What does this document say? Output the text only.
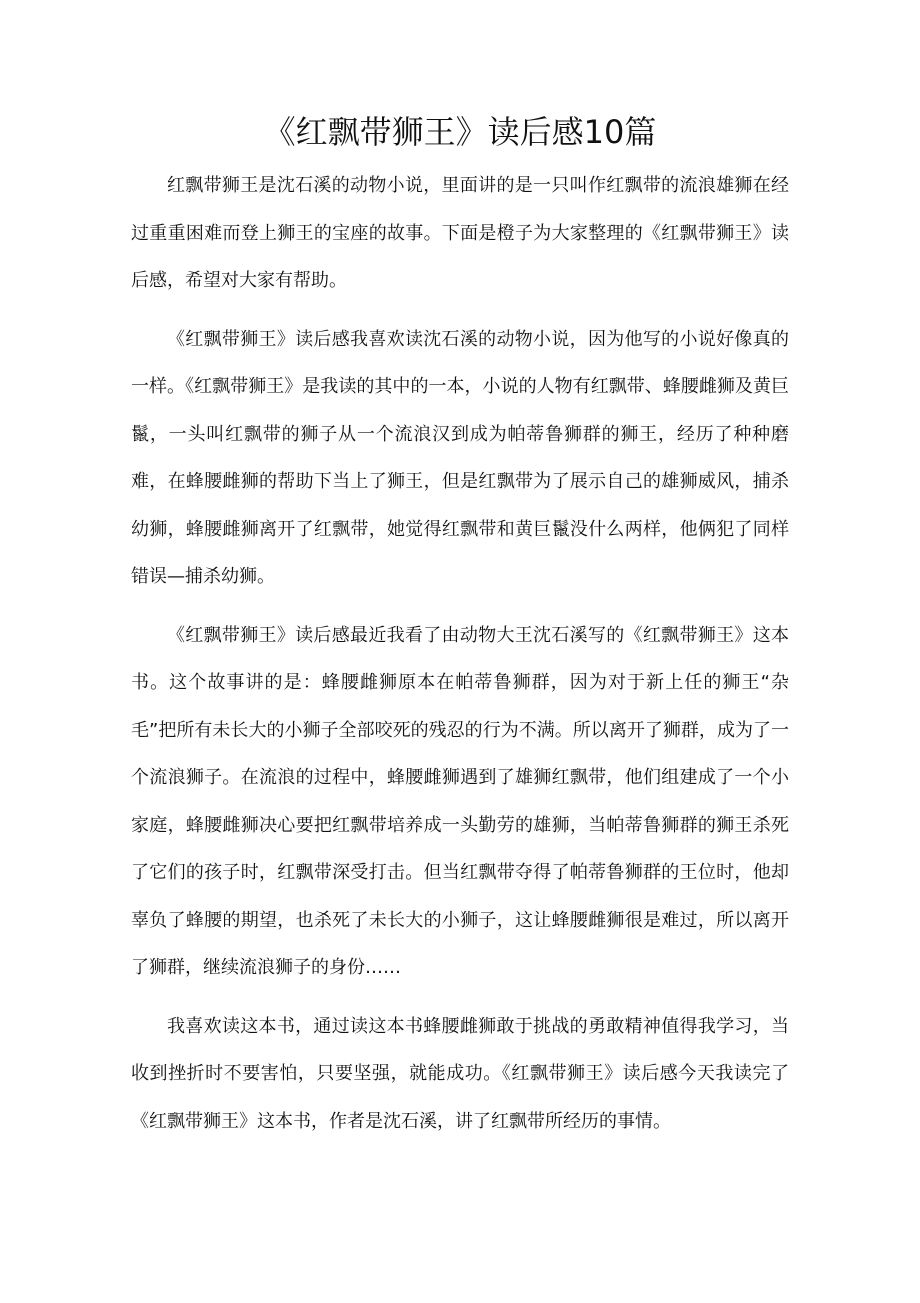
《红飘带狮王》读后感10篇

红飘带狮王是沈石溪的动物小说，里面讲的是一只叫作红飘带的流浪雄狮在经过重重困难而登上狮王的宝座的故事。下面是橙子为大家整理的《红飘带狮王》读后感，希望对大家有帮助。

《红飘带狮王》读后感我喜欢读沈石溪的动物小说，因为他写的小说好像真的一样。《红飘带狮王》是我读的其中的一本，小说的人物有红飘带、蜂腰雌狮及黄巨鬣，一头叫红飘带的狮子从一个流浪汉到成为帕蒂鲁狮群的狮王，经历了种种磨难，在蜂腰雌狮的帮助下当上了狮王，但是红飘带为了展示自己的雄狮威风，捕杀幼狮，蜂腰雌狮离开了红飘带，她觉得红飘带和黄巨鬣没什么两样，他俩犯了同样错误—捕杀幼狮。

《红飘带狮王》读后感最近我看了由动物大王沈石溪写的《红飘带狮王》这本书。这个故事讲的是：蜂腰雌狮原本在帕蒂鲁狮群，因为对于新上任的狮王“杂毛”把所有未长大的小狮子全部咬死的残忍的行为不满。所以离开了狮群，成为了一个流浪狮子。在流浪的过程中，蜂腰雌狮遇到了雄狮红飘带，他们组建成了一个小家庭，蜂腰雌狮决心要把红飘带培养成一头勤劳的雄狮，当帕蒂鲁狮群的狮王杀死了它们的孩子时，红飘带深受打击。但当红飘带夺得了帕蒂鲁狮群的王位时，他却辜负了蜂腰的期望，也杀死了未长大的小狮子，这让蜂腰雌狮很是难过，所以离开了狮群，继续流浪狮子的身份……

我喜欢读这本书，通过读这本书蜂腰雌狮敢于挑战的勇敢精神值得我学习，当收到挫折时不要害怕，只要坚强，就能成功。《红飘带狮王》读后感今天我读完了《红飘带狮王》这本书，作者是沈石溪，讲了红飘带所经历的事情。
